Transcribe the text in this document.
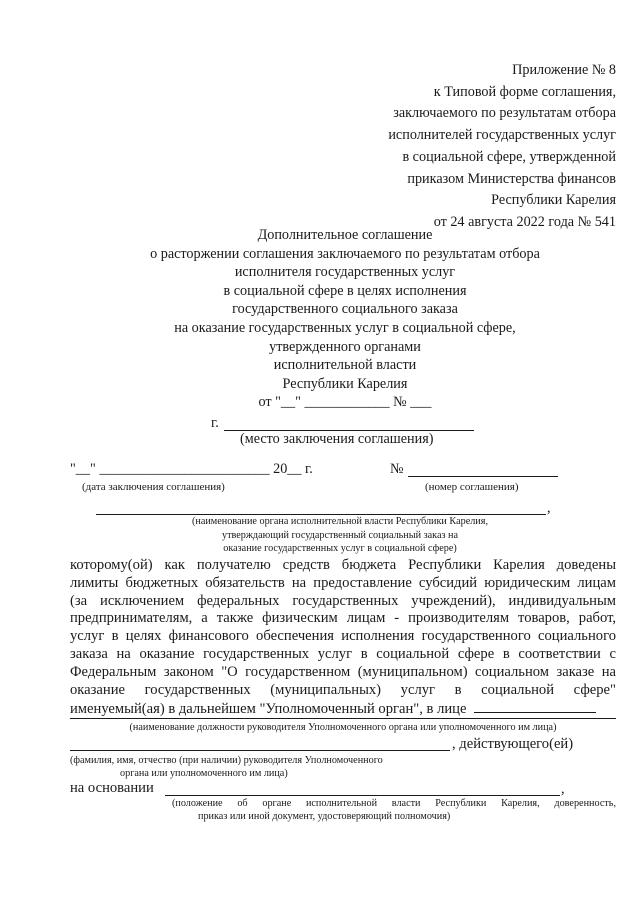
Приложение № 8
к Типовой форме соглашения,
заключаемого по результатам отбора
исполнителей государственных услуг
в социальной сфере, утвержденной
приказом Министерства финансов
Республики Карелия
от 24 августа 2022 года № 541
Дополнительное соглашение
о расторжении соглашения заключаемого по результатам отбора
исполнителя государственных услуг
в социальной сфере в целях исполнения
государственного социального заказа
на оказание государственных услуг в социальной сфере,
утвержденного органами
исполнительной власти
Республики Карелия
от "__" ____________ № ___
г.
(место заключения соглашения)
"__" ________________________ 20__ г.
(дата заключения соглашения)
№
(номер соглашения)
,
(наименование органа исполнительной власти Республики Карелия,
утверждающий государственный социальный заказ на
оказание государственных услуг в социальной сфере)
которому(ой) как получателю средств бюджета Республики Карелия доведены
лимиты бюджетных обязательств на предоставление субсидий юридическим лицам
(за исключением федеральных государственных учреждений), индивидуальным
предпринимателям, а также физическим лицам - производителям товаров, работ,
услуг в целях финансового обеспечения исполнения государственного социального
заказа на оказание государственных услуг в социальной сфере в соответствии с
Федеральным законом "О государственном (муниципальном) социальном заказе на
оказание государственных (муниципальных) услуг в социальной сфере"
именуемый(ая) в дальнейшем "Уполномоченный орган", в лице
(наименование должности руководителя Уполномоченного органа или уполномоченного им лица)
, действующего(ей)
(фамилия, имя, отчество (при наличии) руководителя Уполномоченного
органа или уполномоченного им лица)
на основании	,
(положение об органе исполнительной власти Республики Карелия, доверенность,
приказ или иной документ, удостоверяющий полномочия)
